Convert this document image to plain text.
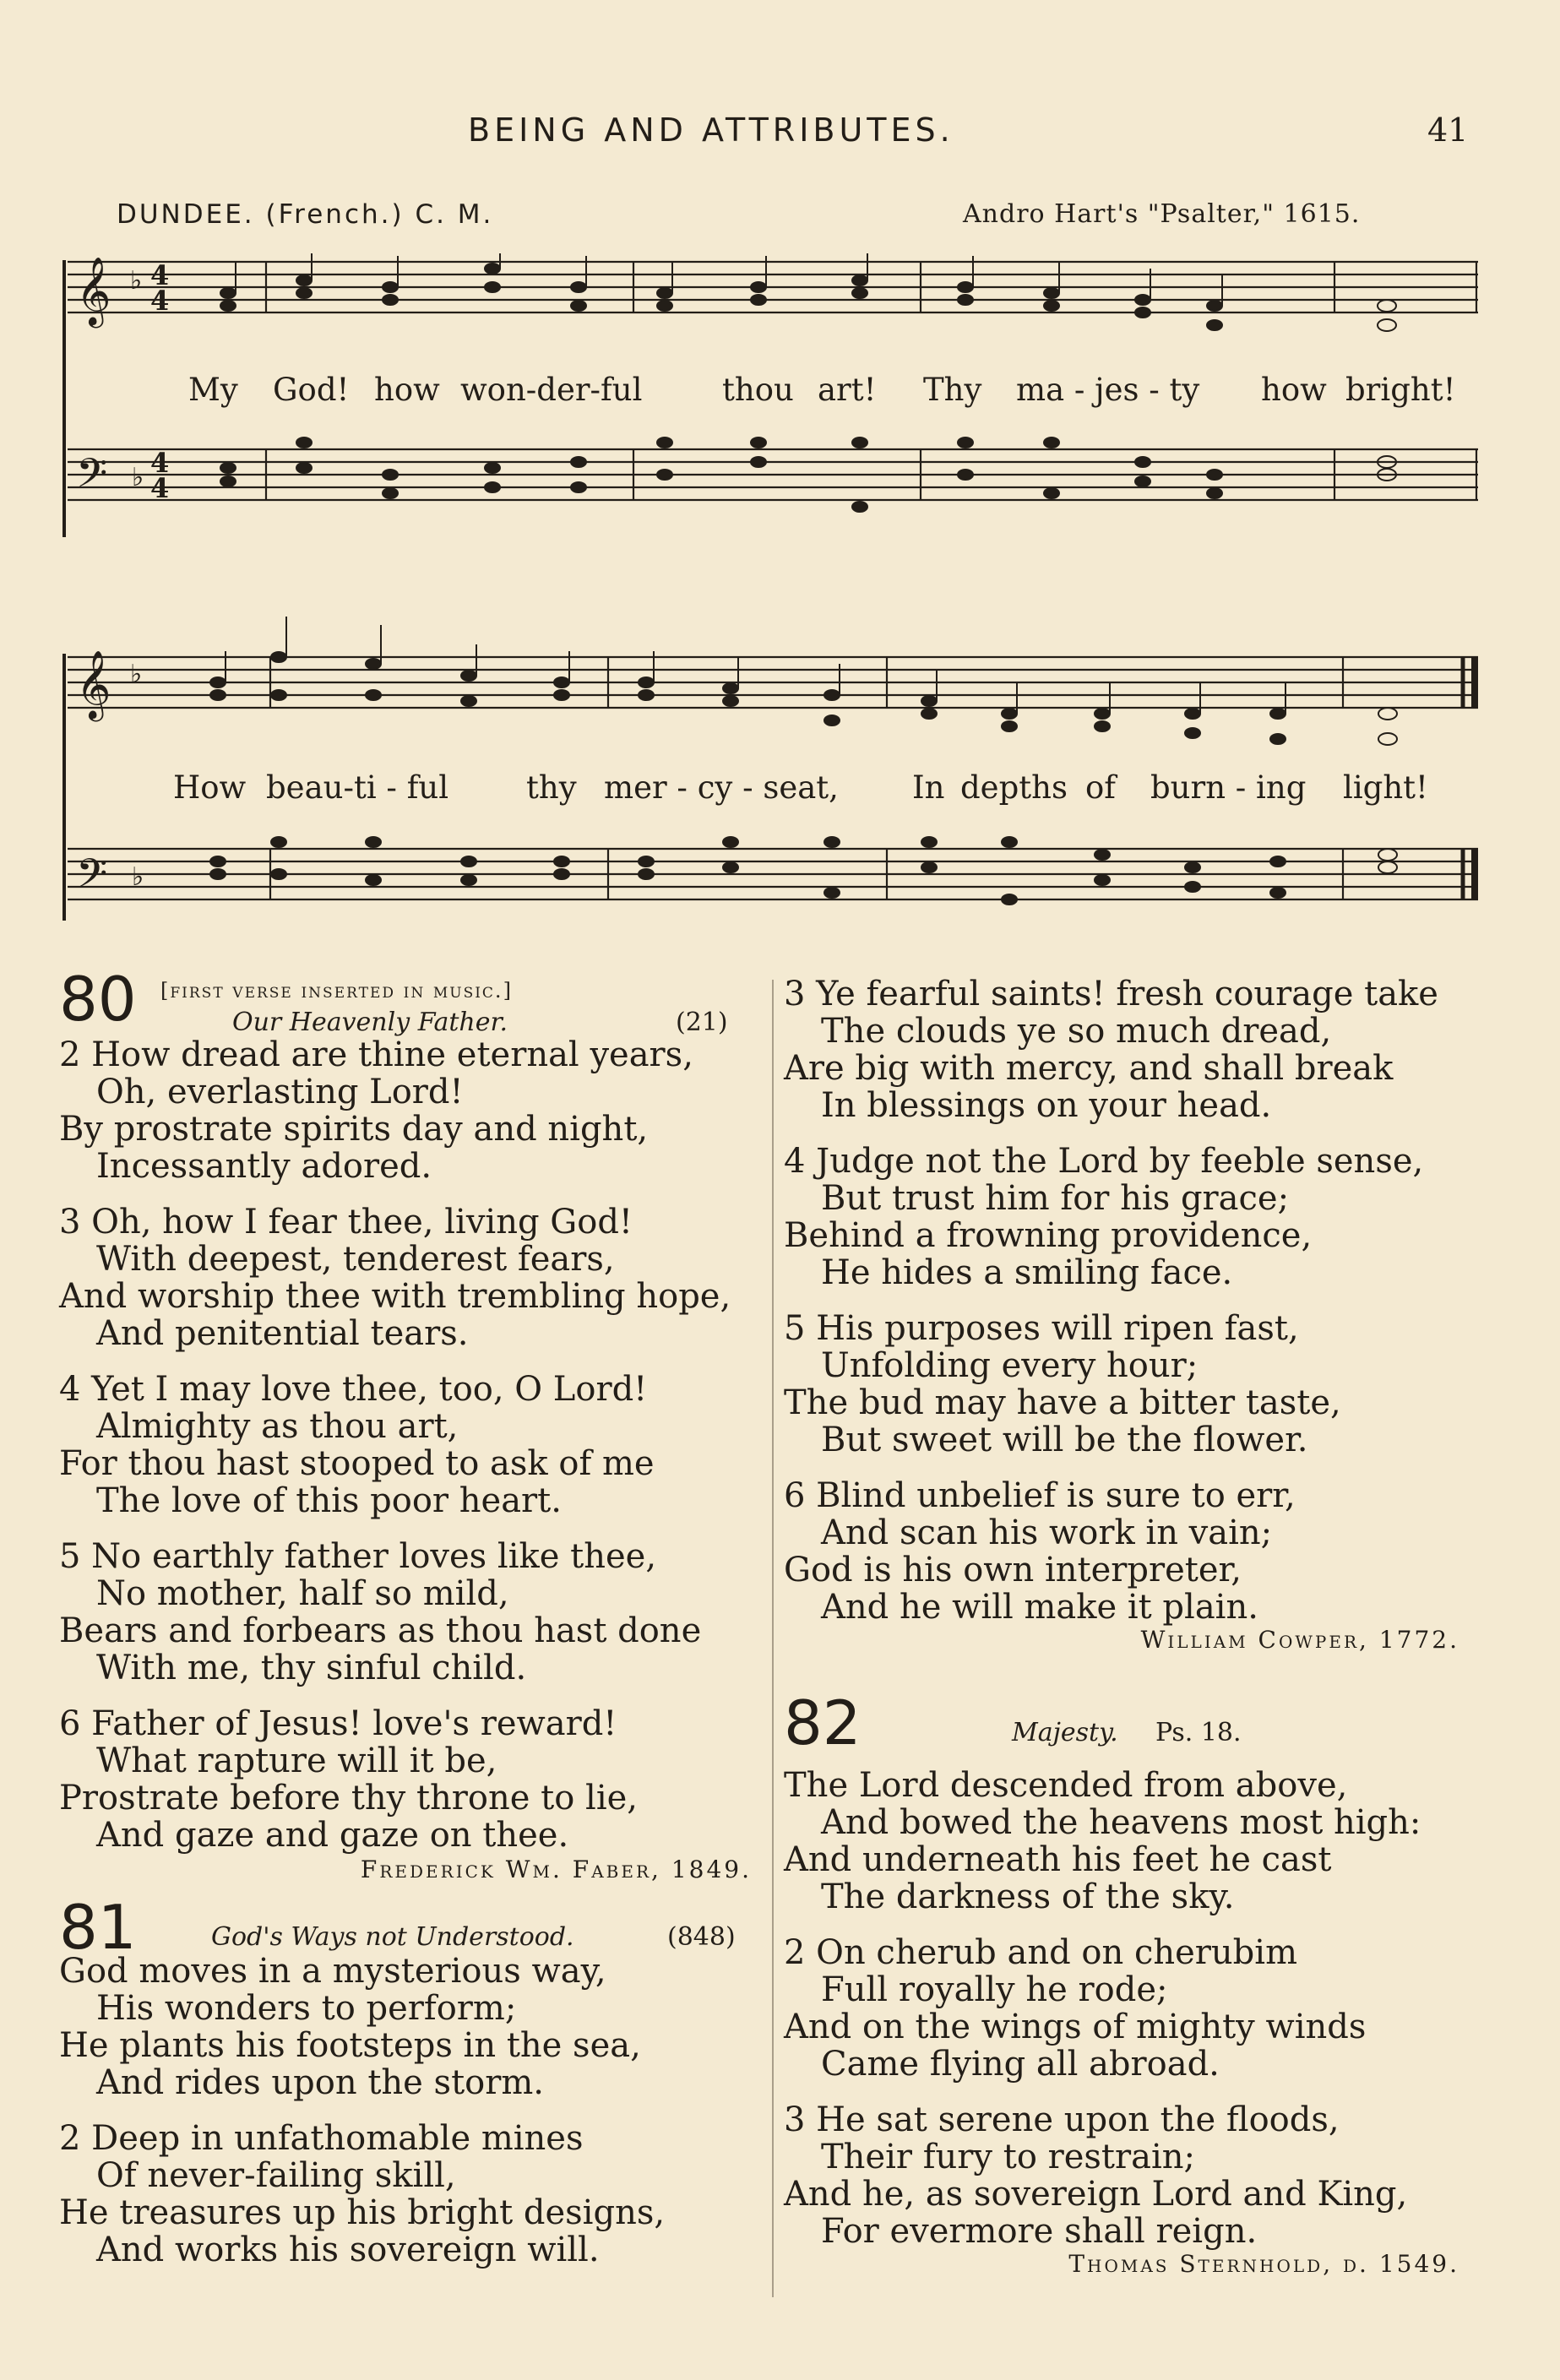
BEING AND ATTRIBUTES.	41
DUNDEE. (French.) C. M.	Andro Hart's "Psalter," 1615.
𝄞
𝄢
𝄞
𝄢
♭
♭
♭
♭
4
4
4
4
My God! how won-der-ful	thou art! Thy ma - jes - ty how bright!
How beau-ti - ful thy mer - cy - seat, In depths of burn - ing light!
80 [first verse inserted in music.]
Our Heavenly Father.	(21)
2 How dread are thine eternal years,
Oh, everlasting Lord!
By prostrate spirits day and night,
Incessantly adored.
3 Oh, how I fear thee, living God!
With deepest, tenderest fears,
And worship thee with trembling hope,
And penitential tears.
4 Yet I may love thee, too, O Lord!
Almighty as thou art,
For thou hast stooped to ask of me
The love of this poor heart.
5 No earthly father loves like thee,
No mother, half so mild,
Bears and forbears as thou hast done
With me, thy sinful child.
6 Father of Jesus! love's reward!
What rapture will it be,
Prostrate before thy throne to lie,
And gaze and gaze on thee.
Frederick Wm. Faber, 1849.
81	God's Ways not Understood.	(848)
God moves in a mysterious way,
His wonders to perform;
He plants his footsteps in the sea,
And rides upon the storm.
2 Deep in unfathomable mines
Of never-failing skill,
He treasures up his bright designs,
And works his sovereign will.
3 Ye fearful saints! fresh courage take
The clouds ye so much dread,
Are big with mercy, and shall break
In blessings on your head.
4 Judge not the Lord by feeble sense,
But trust him for his grace;
Behind a frowning providence,
He hides a smiling face.
5 His purposes will ripen fast,
Unfolding every hour;
The bud may have a bitter taste,
But sweet will be the flower.
6 Blind unbelief is sure to err,
And scan his work in vain;
God is his own interpreter,
And he will make it plain.
William Cowper, 1772.
82	Majesty. Ps. 18.
The Lord descended from above,
And bowed the heavens most high:
And underneath his feet he cast
The darkness of the sky.
2 On cherub and on cherubim
Full royally he rode;
And on the wings of mighty winds
Came flying all abroad.
3 He sat serene upon the floods,
Their fury to restrain;
And he, as sovereign Lord and King,
For evermore shall reign.
Thomas Sternhold, d. 1549.
